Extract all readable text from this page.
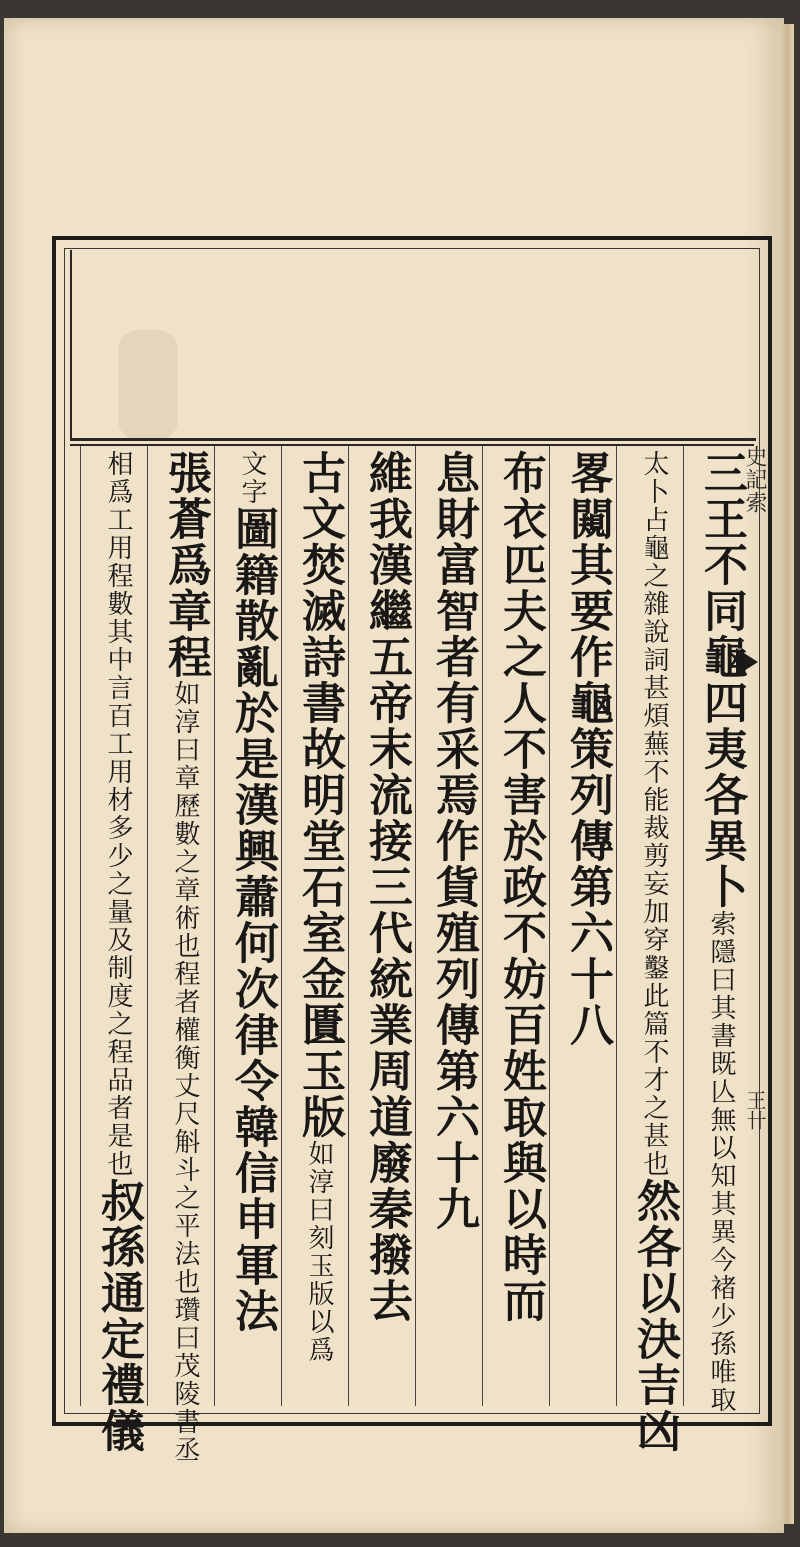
史記索
王卄
三王不同龜四夷各異卜索隱曰其書既亾無以知其異今褚少孫唯取
太卜占龜之雜說詞甚煩蕪不能裁剪妄加穿鑿此篇不才之甚也然各以決吉凶
畧闚其要作龜策列傳第六十八
布衣匹夫之人不害於政不妨百姓取與以時而
息財富智者有采焉作貨殖列傳第六十九
維我漢繼五帝末流接三代統業周道廢秦撥去
古文焚滅詩書故明堂石室金匱玉版如淳曰刻玉版以爲
文字圖籍散亂於是漢興蕭何次律令韓信申軍法
張蒼爲章程如淳曰章歷數之章術也程者權衡丈尺斛斗之平法也瓚曰茂陵書丞
相爲工用程數其中言百工用材多少之量及制度之程品者是也叔孫通定禮儀
